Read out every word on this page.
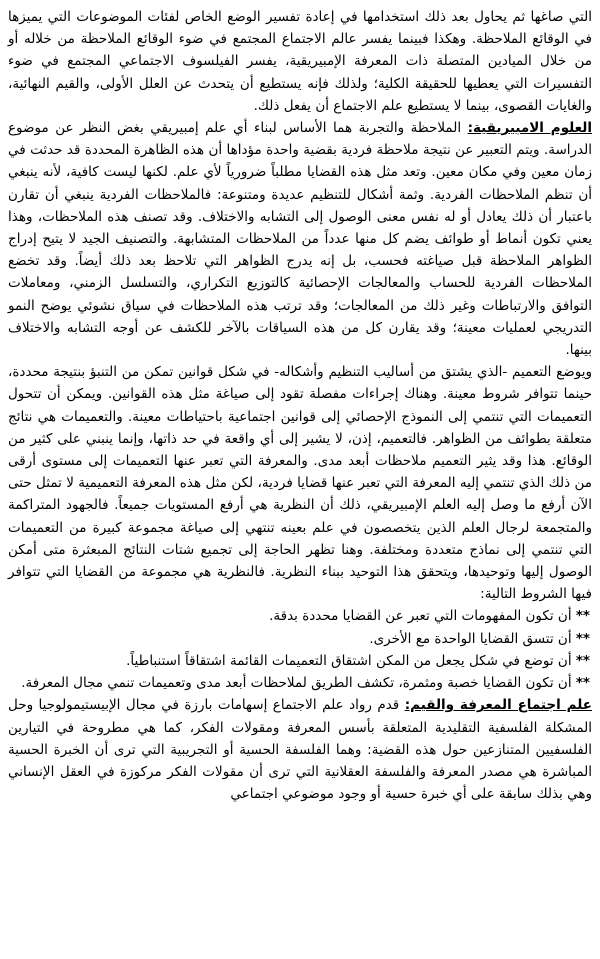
التي صاغها ثم يحاول بعد ذلك استخدامها في إعادة تفسير الوضع الخاص لفئات الموضوعات التي يميزها في الوقائع الملاحظة. وهكذا فبينما يفسر عالم الاجتماع المجتمع في ضوء الوقائع الملاحظة من خلاله أو من خلال الميادين المتصلة ذات المعرفة الإمبيريقية، يفسر الفيلسوف الاجتماعي المجتمع في ضوء التفسيرات التي يعطيها للحقيقة الكلية؛ ولذلك فإنه يستطيع أن يتحدث عن العلل الأولى، والقيم النهائية، والغايات القصوى، بينما لا يستطيع علم الاجتماع أن يفعل ذلك.

العلوم الامبيريقية: الملاحظة والتجربة هما الأساس لبناء أي علم إمبيريقي بغض النظر عن موضوع الدراسة. ويتم التعبير عن نتيجة ملاحظة فردية بقضية واحدة مؤداها أن هذه الظاهرة المحددة قد حدثت في زمان معين وفي مكان معين. وتعد مثل هذه القضايا مطلباً ضرورياً لأي علم. لكنها ليست كافية، لأنه ينبغي أن تنظم الملاحظات الفردية. وثمة أشكال للتنظيم عديدة ومتنوعة: فالملاحظات الفردية ينبغي أن تقارن باعتبار أن ذلك يعادل أو له نفس معنى الوصول إلى التشابه والاختلاف. وقد تصنف هذه الملاحظات، وهذا يعني تكون أنماط أو طوائف يضم كل منها عدداً من الملاحظات المتشابهة. والتصنيف الجيد لا يتيح إدراج الظواهر الملاحظة قبل صياغته فحسب، بل إنه يدرج الظواهر التي تلاحظ بعد ذلك أيضاً. وقد تخضع الملاحظات الفردية للحساب والمعالجات الإحصائية كالتوزيع التكراري، والتسلسل الزمني، ومعاملات التوافق والارتباطات وغير ذلك من المعالجات؛ وقد ترتب هذه الملاحظات في سياق نشوئي يوضح النمو التدريجي لعمليات معينة؛ وقد يقارن كل من هذه السياقات بالآخر للكشف عن أوجه التشابه والاختلاف بينها.

ويوضع التعميم -الذي يشتق من أساليب التنظيم وأشكاله- في شكل قوانين تمكن من التنبؤ بنتيجة محددة، حينما تتوافر شروط معينة. وهناك إجراءات مفصلة تقود إلى صياغة مثل هذه القوانين. ويمكن أن تتحول التعميمات التي تنتمي إلى النموذج الإحصائي إلى قوانين اجتماعية باحتياطات معينة. والتعميمات هي نتائج متعلقة بطوائف من الظواهر. فالتعميم، إذن، لا يشير إلى أي واقعة في حد ذاتها، وإنما ينبني على كثير من الوقائع. هذا وقد يثير التعميم ملاحظات أبعد مدى. والمعرفة التي تعبر عنها التعميمات إلى مستوى أرقى من ذلك الذي تنتمي إليه المعرفة التي تعبر عنها قضايا فردية، لكن مثل هذه المعرفة التعميمية لا تمثل حتى الآن أرفع ما وصل إليه العلم الإمبيريقي، ذلك أن النظرية هي أرفع المستويات جميعاً. فالجهود المتراكمة والمتجمعة لرجال العلم الذين يتخصصون في علم بعينه تنتهي إلى صياغة مجموعة كبيرة من التعميمات التي تنتمي إلى نماذج متعددة ومختلفة. وهنا تظهر الحاجة إلى تجميع شتات النتائج المبعثرة متى أمكن الوصول إليها وتوحيدها، ويتحقق هذا التوحيد ببناء النظرية. فالنظرية هي مجموعة من القضايا التي تتوافر فيها الشروط التالية:

** أن تكون المفهومات التي تعبر عن القضايا محددة بدقة.

** أن تتسق القضايا الواحدة مع الأخرى.

** أن توضع في شكل يجعل من المكن اشتقاق التعميمات القائمة اشتقاقاً استنباطياً.

** أن تكون القضايا خصبة ومثمرة، تكشف الطريق لملاحظات أبعد مدى وتعميمات تنمي مجال المعرفة.

علم اجتماع المعرفة والقيم: قدم رواد علم الاجتماع إسهامات بارزة في مجال الإبيستيمولوجيا وحل المشكلة الفلسفية التقليدية المتعلقة بأسس المعرفة ومقولات الفكر، كما هي مطروحة في التيارين الفلسفيين المتنازعين حول هذه القضية: وهما الفلسفة الحسية أو التجريبية التي ترى أن الخبرة الحسية المباشرة هي مصدر المعرفة والفلسفة العقلانية التي ترى أن مقولات الفكر مركوزة في العقل الإنساني وهي بذلك سابقة على أي خبرة حسية أو وجود موضوعي اجتماعي
